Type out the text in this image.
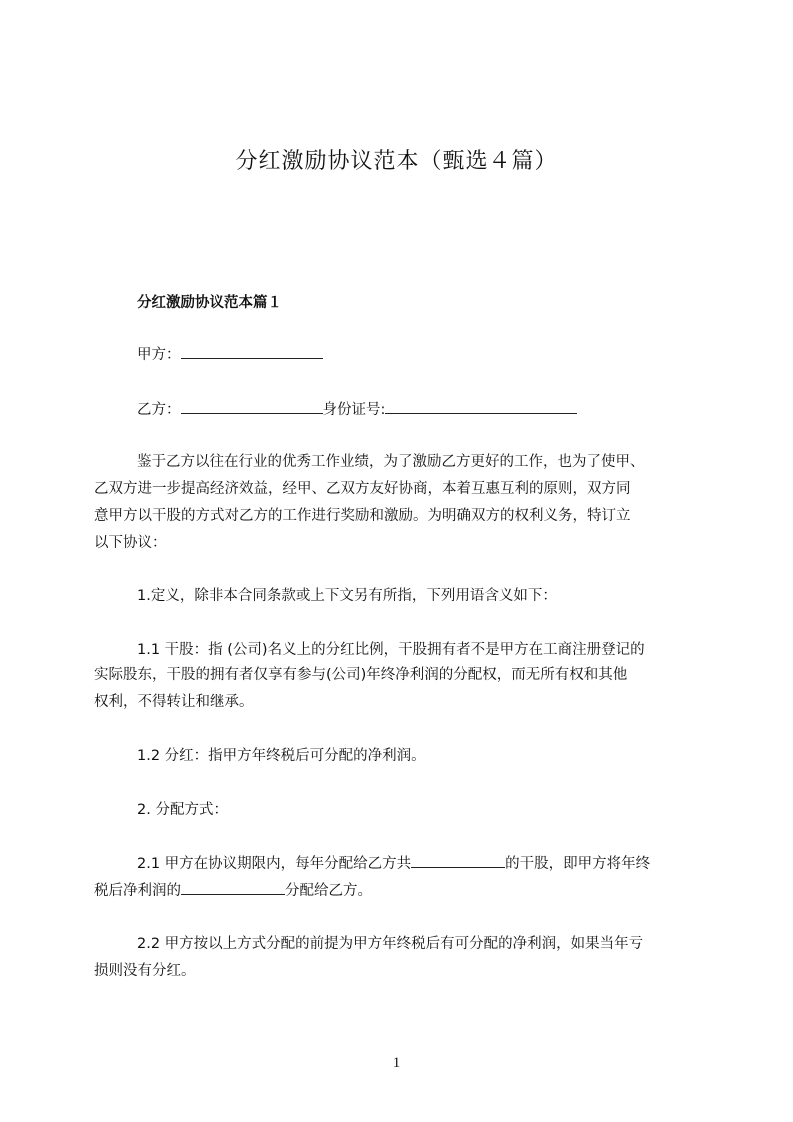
分红激励协议范本（甄选４篇）
分红激励协议范本篇１
甲方：
乙方：	身份证号:
鉴于乙方以往在行业的优秀工作业绩，为了激励乙方更好的工作，也为了使甲、
乙双方进一步提高经济效益，经甲、乙双方友好协商，本着互惠互利的原则，双方同
意甲方以干股的方式对乙方的工作进行奖励和激励。为明确双方的权利义务，特订立
以下协议：
1.定义，除非本合同条款或上下文另有所指，下列用语含义如下：
1.1 干股：指 (公司)名义上的分红比例，干股拥有者不是甲方在工商注册登记的
实际股东，干股的拥有者仅享有参与(公司)年终净利润的分配权，而无所有权和其他
权利，不得转让和继承。
1.2 分红：指甲方年终税后可分配的净利润。
2. 分配方式：
2.1 甲方在协议期限内，每年分配给乙方共	的干股，即甲方将年终
税后净利润的	分配给乙方。
2.2 甲方按以上方式分配的前提为甲方年终税后有可分配的净利润，如果当年亏
损则没有分红。
1
